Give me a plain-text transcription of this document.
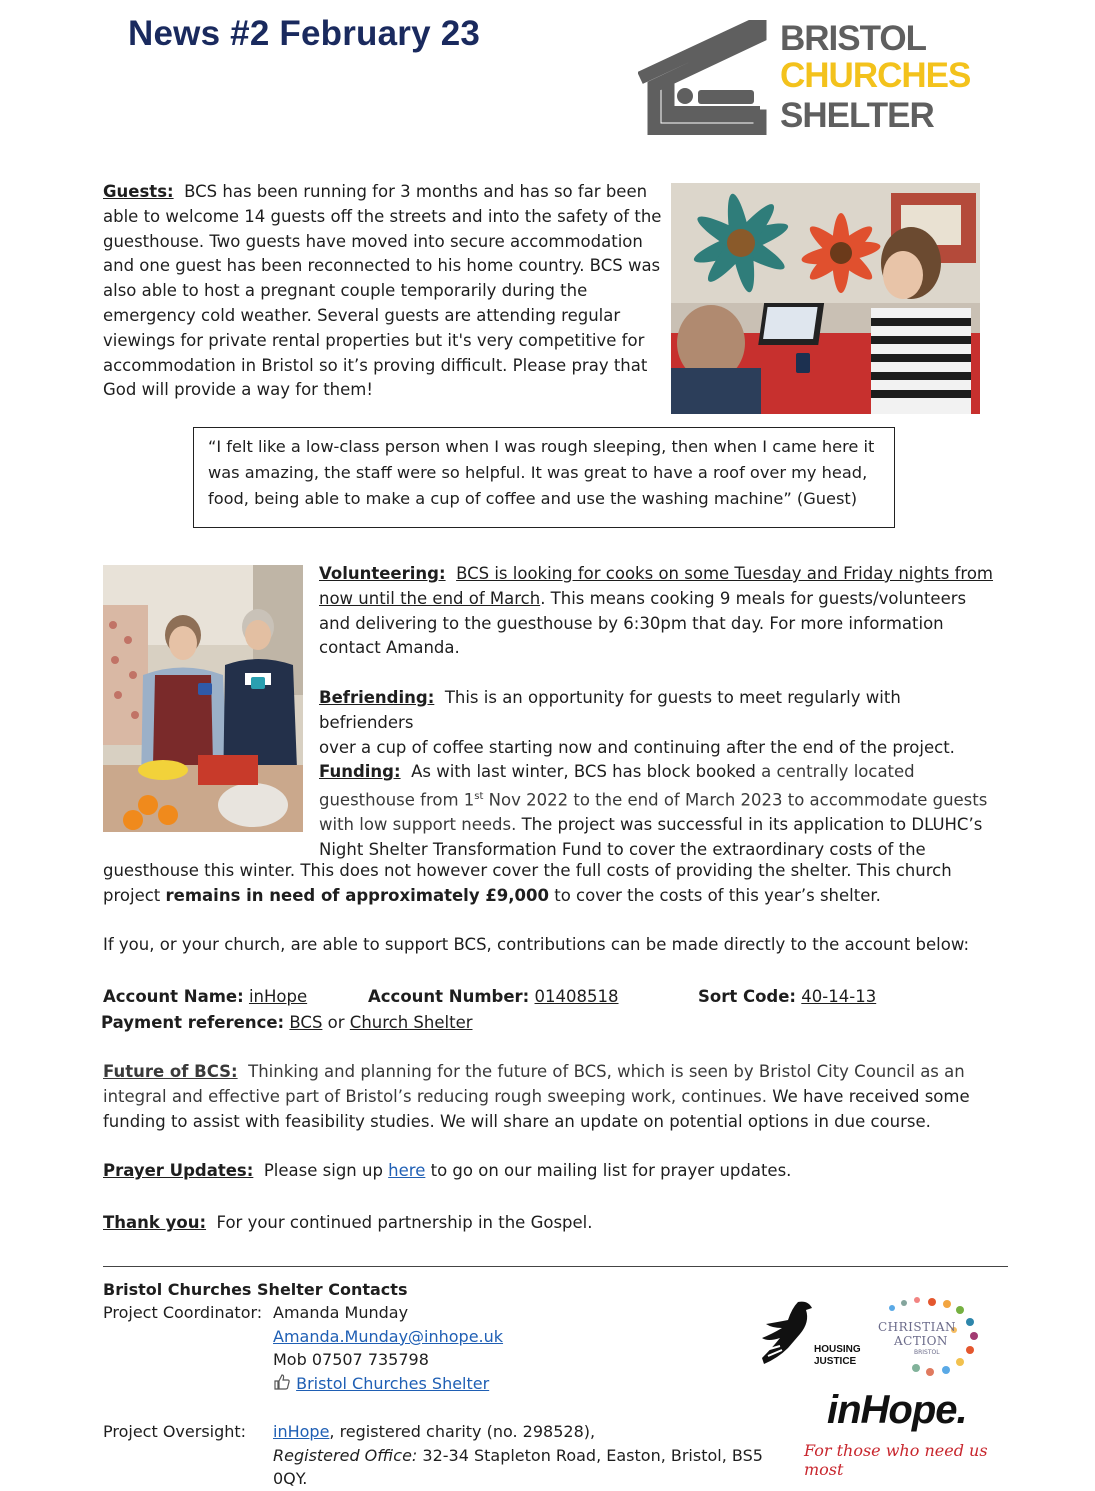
News #2 February 23	BRISTOL
CHURCHES
SHELTER
Guests: BCS has been running for 3 months and has so far been
able to welcome 14 guests off the streets and into the safety of the
guesthouse. Two guests have moved into secure accommodation
and one guest has been reconnected to his home country. BCS was
also able to host a pregnant couple temporarily during the
emergency cold weather. Several guests are attending regular
viewings for private rental properties but it's very competitive for
accommodation in Bristol so it’s proving difficult. Please pray that
God will provide a way for them!
“I felt like a low-class person when I was rough sleeping, then when I came here it
was amazing, the staff were so helpful. It was great to have a roof over my head,
food, being able to make a cup of coffee and use the washing machine” (Guest)
Volunteering: BCS is looking for cooks on some Tuesday and Friday nights from
now until the end of March. This means cooking 9 meals for guests/volunteers
and delivering to the guesthouse by 6:30pm that day. For more information
contact Amanda.
Befriending: This is an opportunity for guests to meet regularly with befrienders
over a cup of coffee starting now and continuing after the end of the project.
Funding: As with last winter, BCS has block booked a centrally located
guesthouse from 1st Nov 2022 to the end of March 2023 to accommodate guests
with low support needs. The project was successful in its application to DLUHC’s
Night Shelter Transformation Fund to cover the extraordinary costs of the
guesthouse this winter. This does not however cover the full costs of providing the shelter. This church
project remains in need of approximately £9,000 to cover the costs of this year’s shelter.
If you, or your church, are able to support BCS, contributions can be made directly to the account below:
Account Name: inHope	Account Number: 01408518	Sort Code: 40-14-13
Payment reference: BCS or Church Shelter
Future of BCS: Thinking and planning for the future of BCS, which is seen by Bristol City Council as an
integral and effective part of Bristol’s reducing rough sweeping work, continues. We have received some
funding to assist with feasibility studies. We will share an update on potential options in due course.
Prayer Updates: Please sign up here to go on our mailing list for prayer updates.
Thank you: For your continued partnership in the Gospel.
Bristol Churches Shelter Contacts
Project Coordinator: Amanda Munday
Amanda.Munday@inhope.uk
Mob 07507 735798
Bristol Churches Shelter
Project Oversight: inHope, registered charity (no. 298528),
Registered Office: 32-34 Stapleton Road, Easton, Bristol, BS5 0QY.
HOUSING
JUSTICE
CHRISTIAN
ACTION
BRISTOL
inHope.
For those who need us most
